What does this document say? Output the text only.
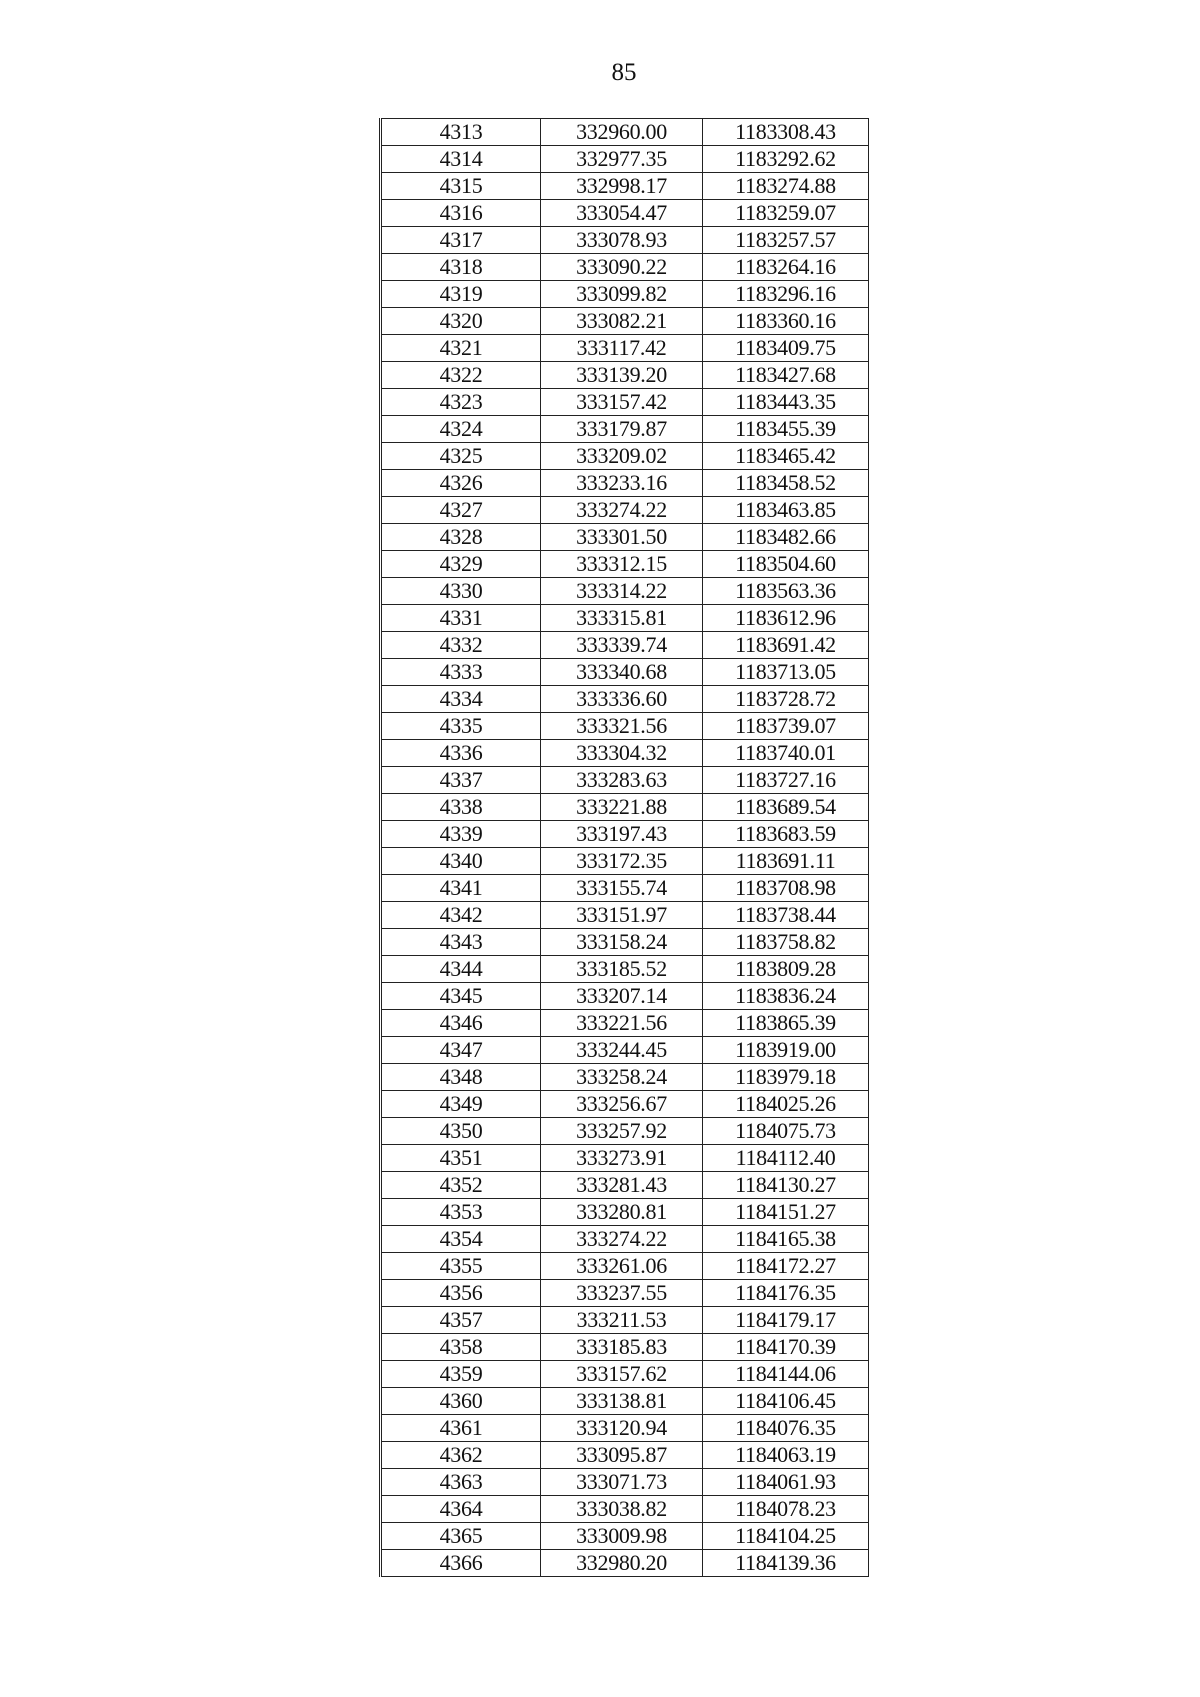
85
4313	332960.00	1183308.43
4314	332977.35	1183292.62
4315	332998.17	1183274.88
4316	333054.47	1183259.07
4317	333078.93	1183257.57
4318	333090.22	1183264.16
4319	333099.82	1183296.16
4320	333082.21	1183360.16
4321	333117.42	1183409.75
4322	333139.20	1183427.68
4323	333157.42	1183443.35
4324	333179.87	1183455.39
4325	333209.02	1183465.42
4326	333233.16	1183458.52
4327	333274.22	1183463.85
4328	333301.50	1183482.66
4329	333312.15	1183504.60
4330	333314.22	1183563.36
4331	333315.81	1183612.96
4332	333339.74	1183691.42
4333	333340.68	1183713.05
4334	333336.60	1183728.72
4335	333321.56	1183739.07
4336	333304.32	1183740.01
4337	333283.63	1183727.16
4338	333221.88	1183689.54
4339	333197.43	1183683.59
4340	333172.35	1183691.11
4341	333155.74	1183708.98
4342	333151.97	1183738.44
4343	333158.24	1183758.82
4344	333185.52	1183809.28
4345	333207.14	1183836.24
4346	333221.56	1183865.39
4347	333244.45	1183919.00
4348	333258.24	1183979.18
4349	333256.67	1184025.26
4350	333257.92	1184075.73
4351	333273.91	1184112.40
4352	333281.43	1184130.27
4353	333280.81	1184151.27
4354	333274.22	1184165.38
4355	333261.06	1184172.27
4356	333237.55	1184176.35
4357	333211.53	1184179.17
4358	333185.83	1184170.39
4359	333157.62	1184144.06
4360	333138.81	1184106.45
4361	333120.94	1184076.35
4362	333095.87	1184063.19
4363	333071.73	1184061.93
4364	333038.82	1184078.23
4365	333009.98	1184104.25
4366	332980.20	1184139.36
